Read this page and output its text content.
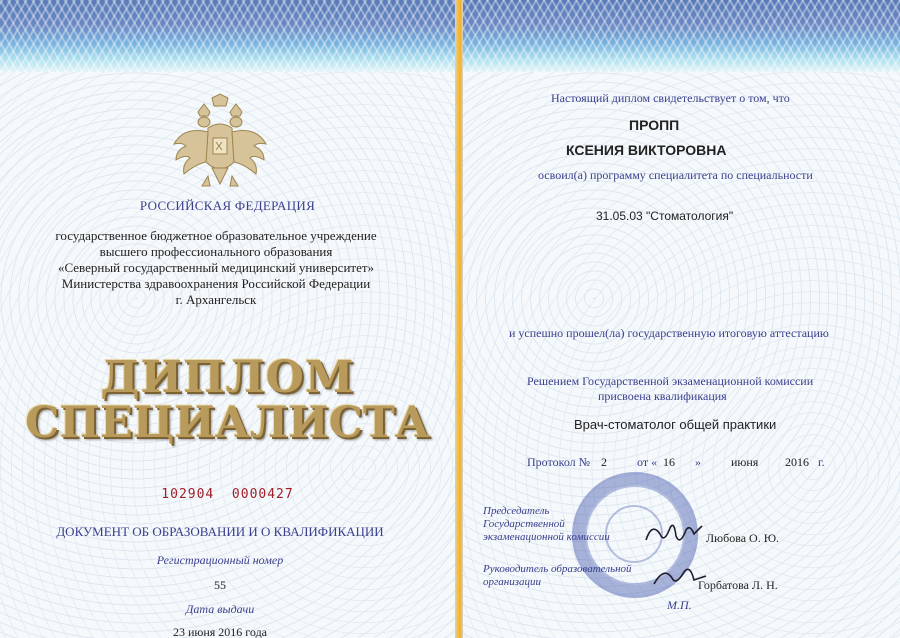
РОССИЙСКАЯ ФЕДЕРАЦИЯ
государственное бюджетное образовательное учреждение
высшего профессионального образования
«Северный государственный медицинский университет»
Министерства здравоохранения Российской Федерации
г. Архангельск
ДИПЛОМ
СПЕЦИАЛИСТА
102904  0000427
ДОКУМЕНТ ОБ ОБРАЗОВАНИИ И О КВАЛИФИКАЦИИ
Регистрационный номер
55
Дата выдачи
23 июня 2016 года
Настоящий диплом свидетельствует о том, что
ПРОПП
КСЕНИЯ ВИКТОРОВНА
освоил(а) программу специалитета по специальности
31.05.03 "Стоматология"
и успешно прошел(ла) государственную итоговую аттестацию
Решением Государственной экзаменационной комиссии
присвоена квалификация
Врач-стоматолог общей практики
Протокол № 2	от « 16 »	июня 2016 г.
Председатель
Государственной
экзаменационной комиссии	Любова О. Ю.
Руководитель образовательной
организации	Горбатова Л. Н.
М.П.
